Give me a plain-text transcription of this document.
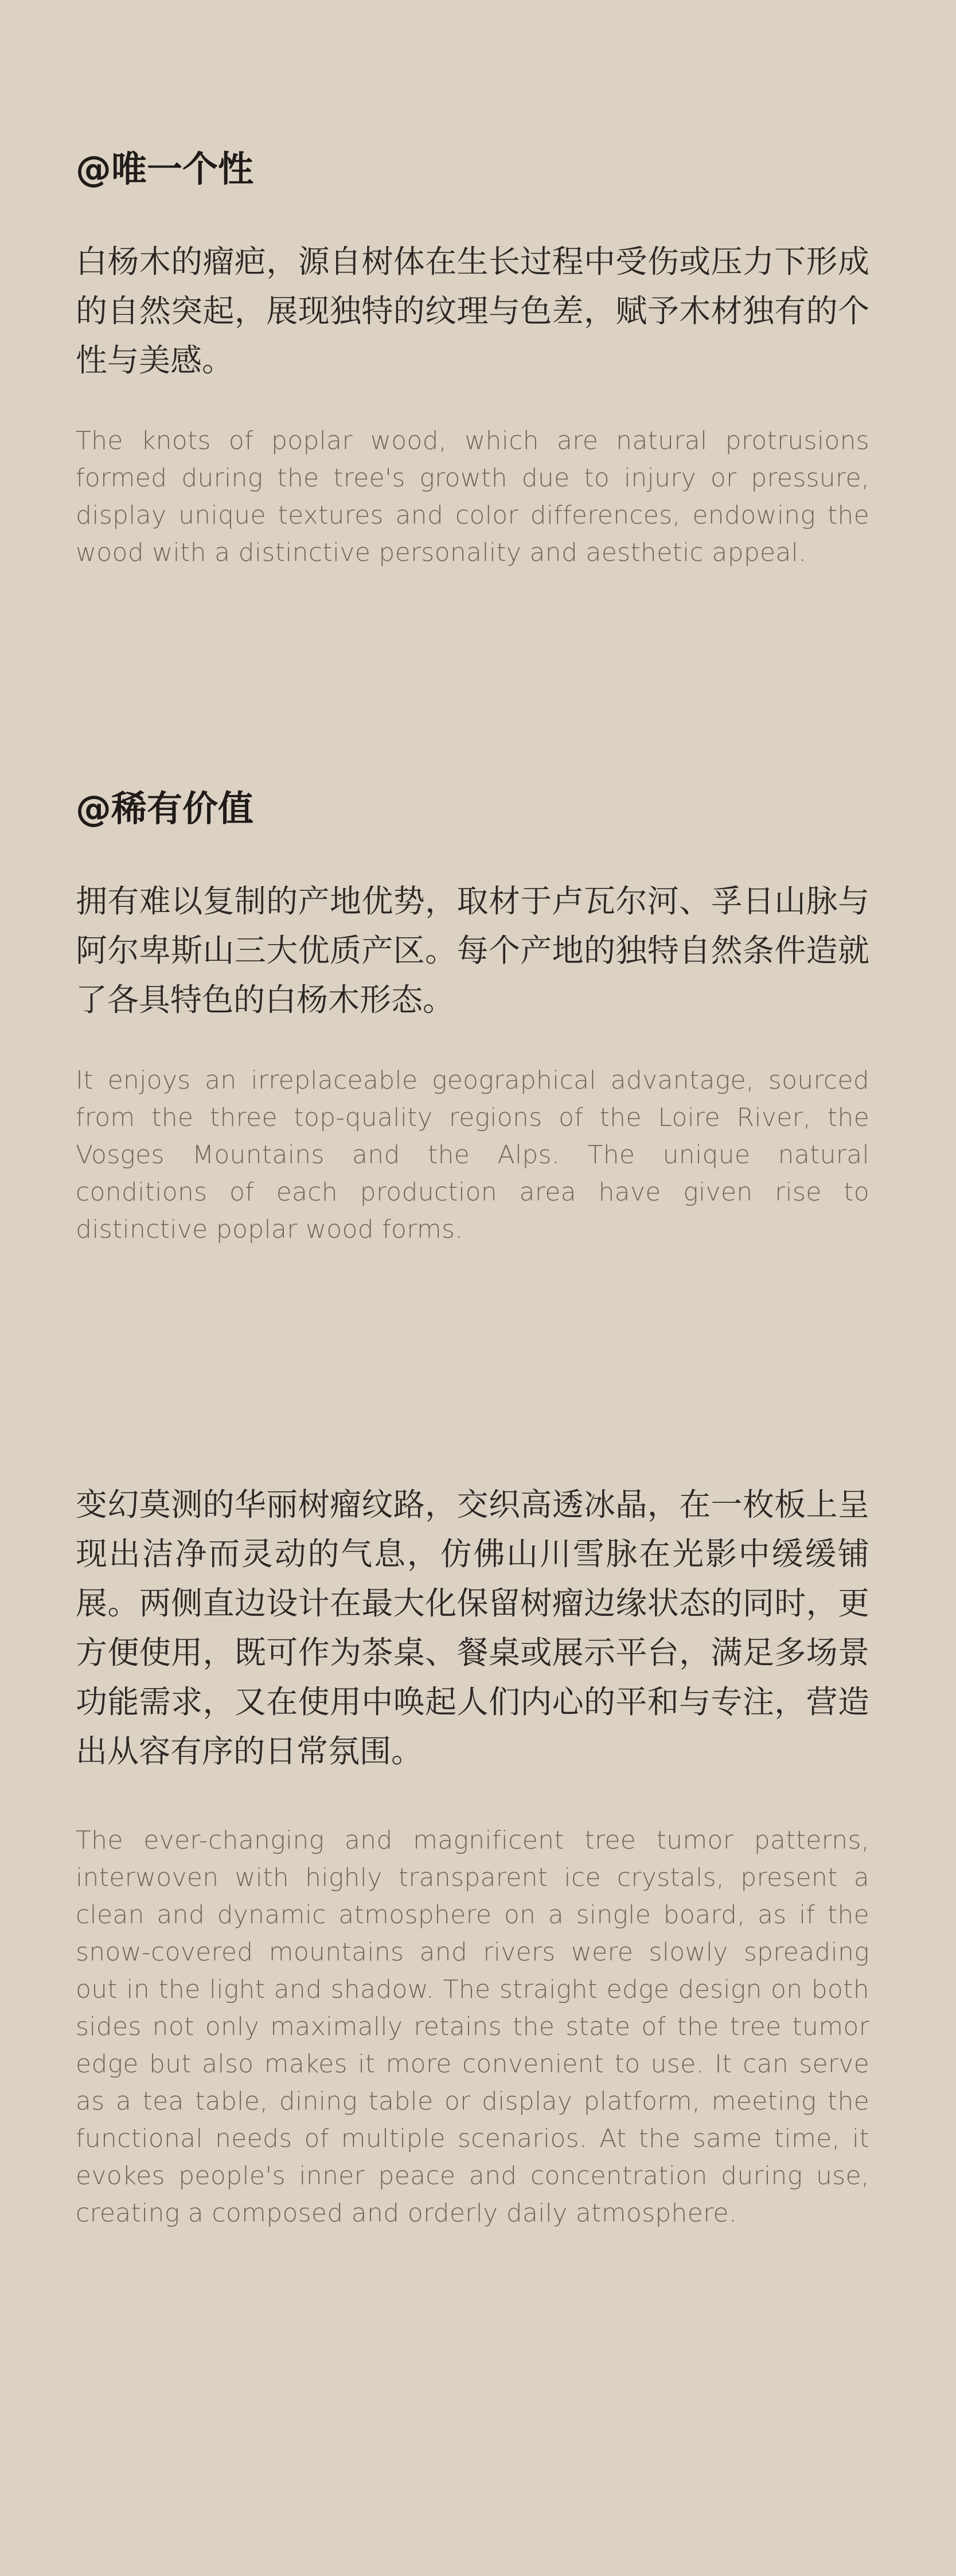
@唯一个性

白杨木的瘤疤，源自树体在生长过程中受伤或压力下形成的自然突起，展现独特的纹理与色差，赋予木材独有的个性与美感。

The knots of poplar wood, which are natural protrusions formed during the tree's growth due to injury or pressure, display unique textures and color differences, endowing the wood with a distinctive personality and aesthetic appeal.

@稀有价值

拥有难以复制的产地优势，取材于卢瓦尔河、孚日山脉与阿尔卑斯山三大优质产区。每个产地的独特自然条件造就了各具特色的白杨木形态。

It enjoys an irreplaceable geographical advantage, sourced from the three top-quality regions of the Loire River, the Vosges Mountains and the Alps. The unique natural conditions of each production area have given rise to distinctive poplar wood forms.

变幻莫测的华丽树瘤纹路，交织高透冰晶，在一枚板上呈现出洁净而灵动的气息，仿佛山川雪脉在光影中缓缓铺展。两侧直边设计在最大化保留树瘤边缘状态的同时，更方便使用，既可作为茶桌、餐桌或展示平台，满足多场景功能需求，又在使用中唤起人们内心的平和与专注，营造出从容有序的日常氛围。

The ever-changing and magnificent tree tumor patterns, interwoven with highly transparent ice crystals, present a clean and dynamic atmosphere on a single board, as if the snow-covered mountains and rivers were slowly spreading out in the light and shadow. The straight edge design on both sides not only maximally retains the state of the tree tumor edge but also makes it more convenient to use. It can serve as a tea table, dining table or display platform, meeting the functional needs of multiple scenarios. At the same time, it evokes people's inner peace and concentration during use, creating a composed and orderly daily atmosphere.
